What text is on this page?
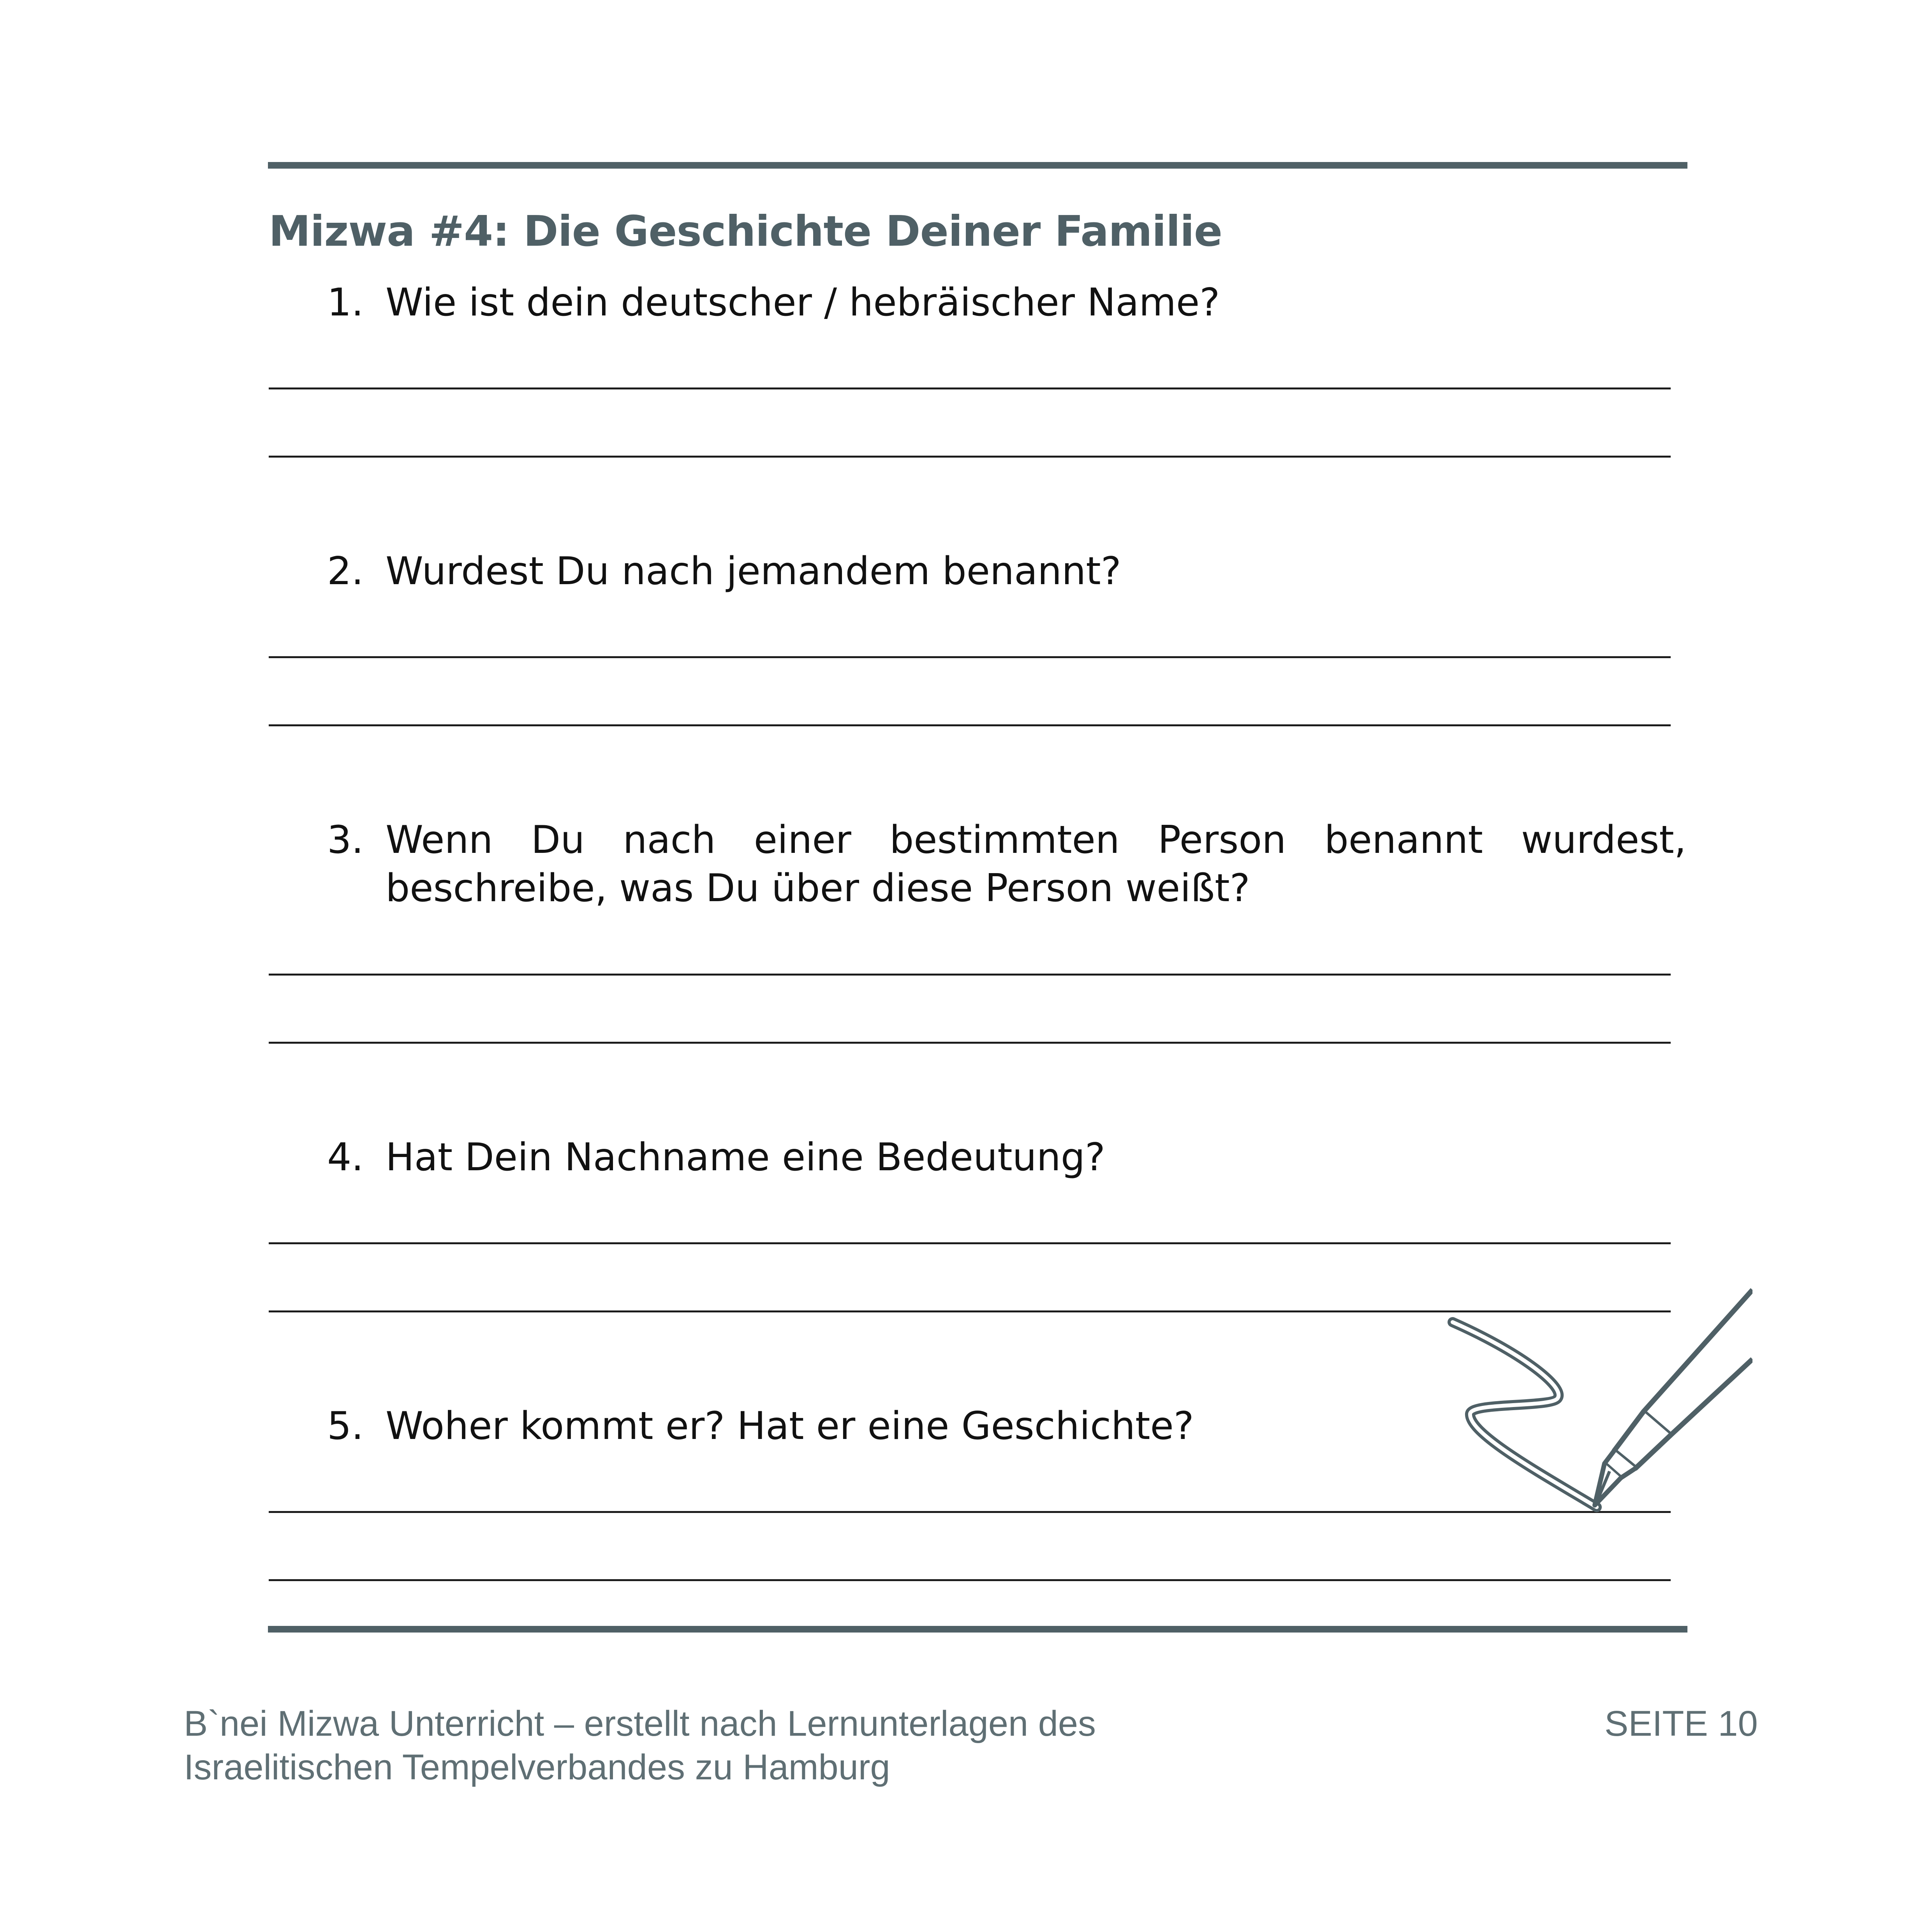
Mizwa #4: Die Geschichte Deiner Familie
1. Wie ist dein deutscher / hebräischer Name?
2. Wurdest Du nach jemandem benannt?
3. Wenn Du nach einer bestimmten Person benannt wurdest, beschreibe, was Du über diese Person weißt?
4. Hat Dein Nachname eine Bedeutung?
5. Woher kommt er? Hat er eine Geschichte?
B`nei Mizwa Unterricht – erstellt nach Lernunterlagen des
Israelitischen Tempelverbandes zu Hamburg
SEITE 10
